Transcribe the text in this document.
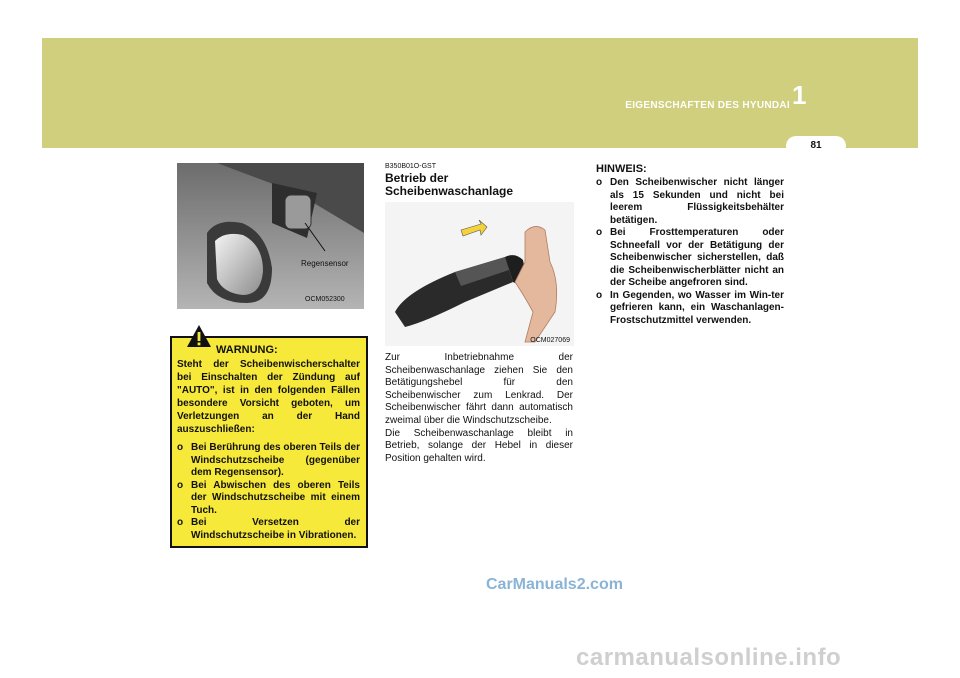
EIGENSCHAFTEN DES HYUNDAI 1
81
OCM052300
Regensensor
WARNUNG:
Steht der Scheibenwischerschalter bei Einschalten der Zündung auf "AUTO", ist in den folgenden Fällen besondere Vorsicht geboten, um Verletzungen an der Hand auszuschließen:
o Bei Berührung des oberen Teils der Windschutzscheibe (gegenüber dem Regensensor).
o Bei Abwischen des oberen Teils der Windschutzscheibe mit einem Tuch.
o Bei Versetzen der Windschutzscheibe in Vibrationen.
B350B01O-GST
Betrieb der Scheibenwaschanlage
OCM027069

Zur Inbetriebnahme der Scheibenwaschanlage ziehen Sie den Betätigungshebel für den Scheibenwischer zum Lenkrad. Der Scheibenwischer fährt dann automatisch zweimal über die Windschutzscheibe.

Die Scheibenwaschanlage bleibt in Betrieb, solange der Hebel in dieser Position gehalten wird.

HINWEIS:
o Den Scheibenwischer nicht länger als 15 Sekunden und nicht bei leerem Flüssigkeitsbehälter betätigen.
o Bei Frosttemperaturen oder Schneefall vor der Betätigung der Scheibenwischer sicherstellen, daß die Scheibenwischerblätter nicht an der Scheibe angefroren sind.
o In Gegenden, wo Wasser im Win-ter gefrieren kann, ein Waschanlagen-Frostschutzmittel verwenden.
CarManuals2.com
carmanualsonline.info
